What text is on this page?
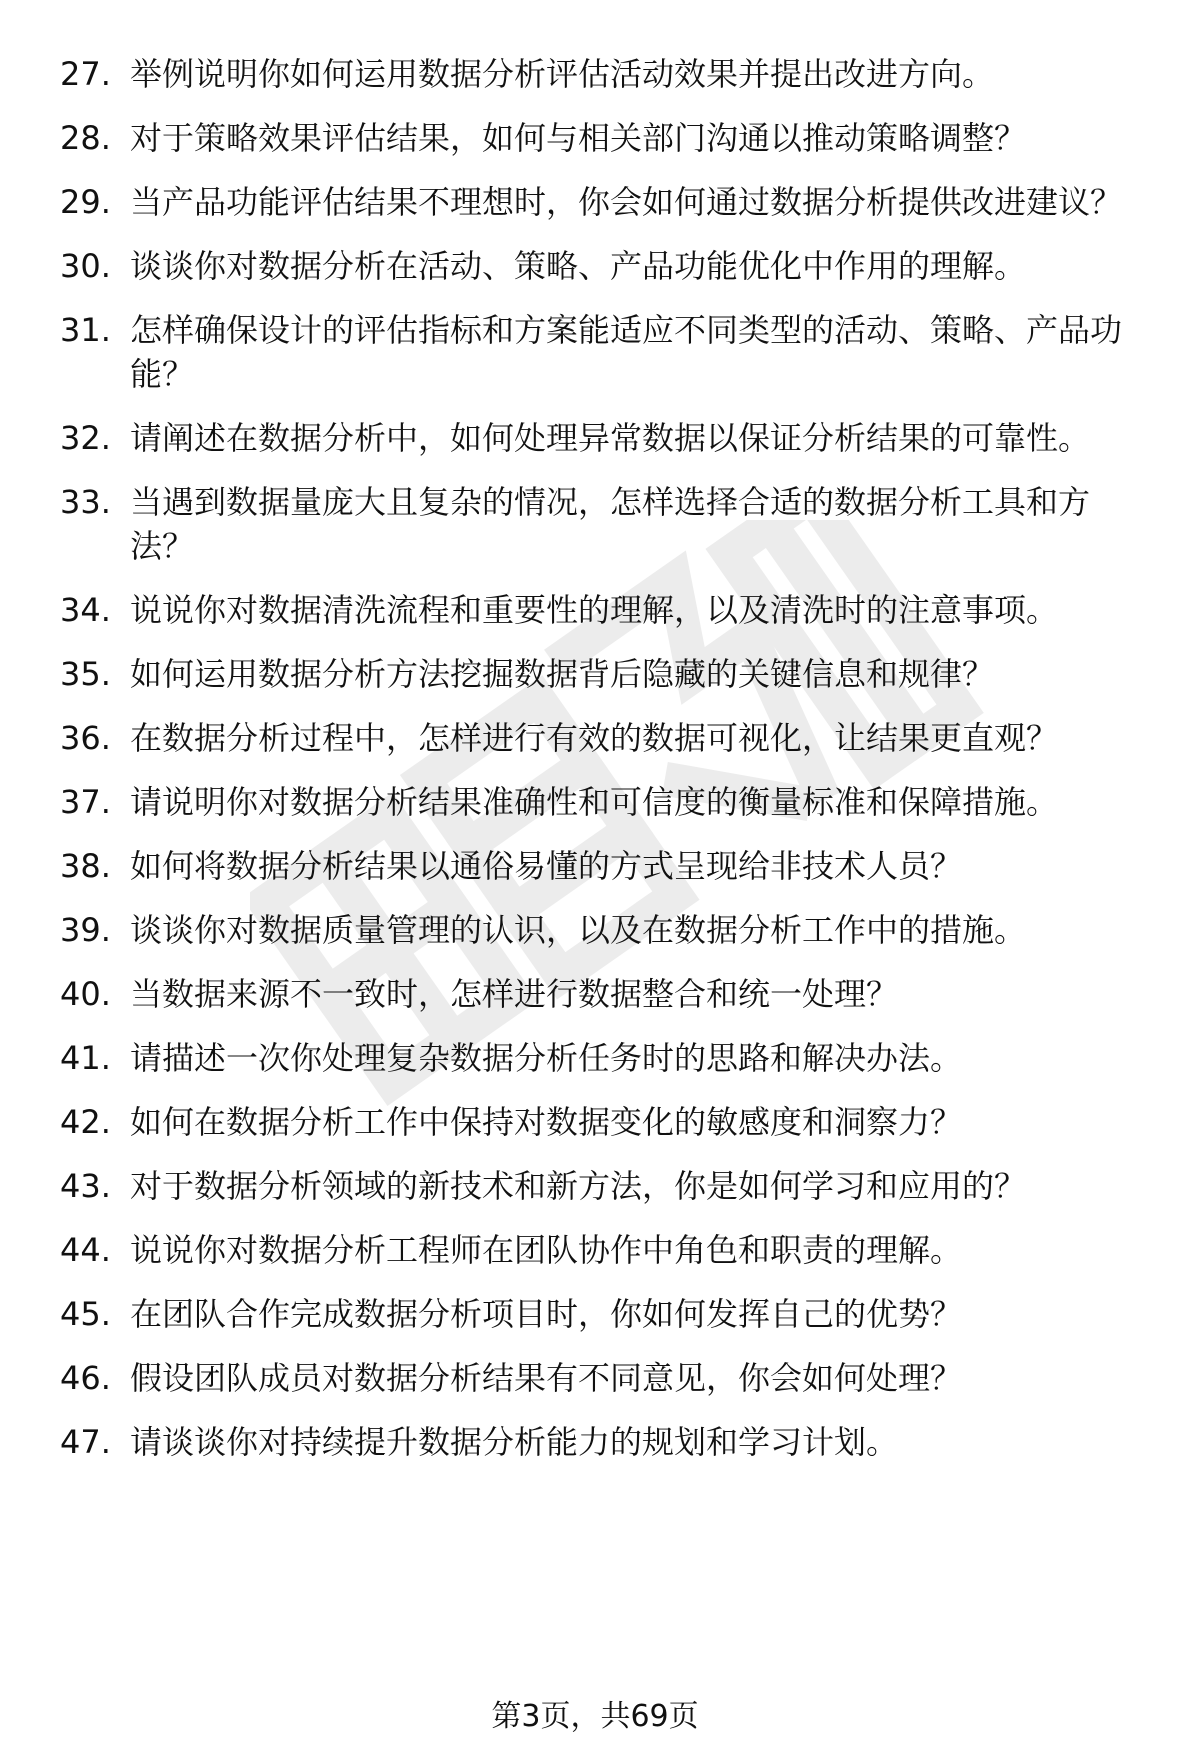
27. 举例说明你如何运用数据分析评估活动效果并提出改进方向。
28. 对于策略效果评估结果，如何与相关部门沟通以推动策略调整？
29. 当产品功能评估结果不理想时，你会如何通过数据分析提供改进建议？
30. 谈谈你对数据分析在活动、策略、产品功能优化中作用的理解。
31. 怎样确保设计的评估指标和方案能适应不同类型的活动、策略、产品功能？
32. 请阐述在数据分析中，如何处理异常数据以保证分析结果的可靠性。
33. 当遇到数据量庞大且复杂的情况，怎样选择合适的数据分析工具和方法？
34. 说说你对数据清洗流程和重要性的理解，以及清洗时的注意事项。
35. 如何运用数据分析方法挖掘数据背后隐藏的关键信息和规律？
36. 在数据分析过程中，怎样进行有效的数据可视化，让结果更直观？
37. 请说明你对数据分析结果准确性和可信度的衡量标准和保障措施。
38. 如何将数据分析结果以通俗易懂的方式呈现给非技术人员？
39. 谈谈你对数据质量管理的认识，以及在数据分析工作中的措施。
40. 当数据来源不一致时，怎样进行数据整合和统一处理？
41. 请描述一次你处理复杂数据分析任务时的思路和解决办法。
42. 如何在数据分析工作中保持对数据变化的敏感度和洞察力？
43. 对于数据分析领域的新技术和新方法，你是如何学习和应用的？
44. 说说你对数据分析工程师在团队协作中角色和职责的理解。
45. 在团队合作完成数据分析项目时，你如何发挥自己的优势？
46. 假设团队成员对数据分析结果有不同意见，你会如何处理？
47. 请谈谈你对持续提升数据分析能力的规划和学习计划。
第3页，共69页
